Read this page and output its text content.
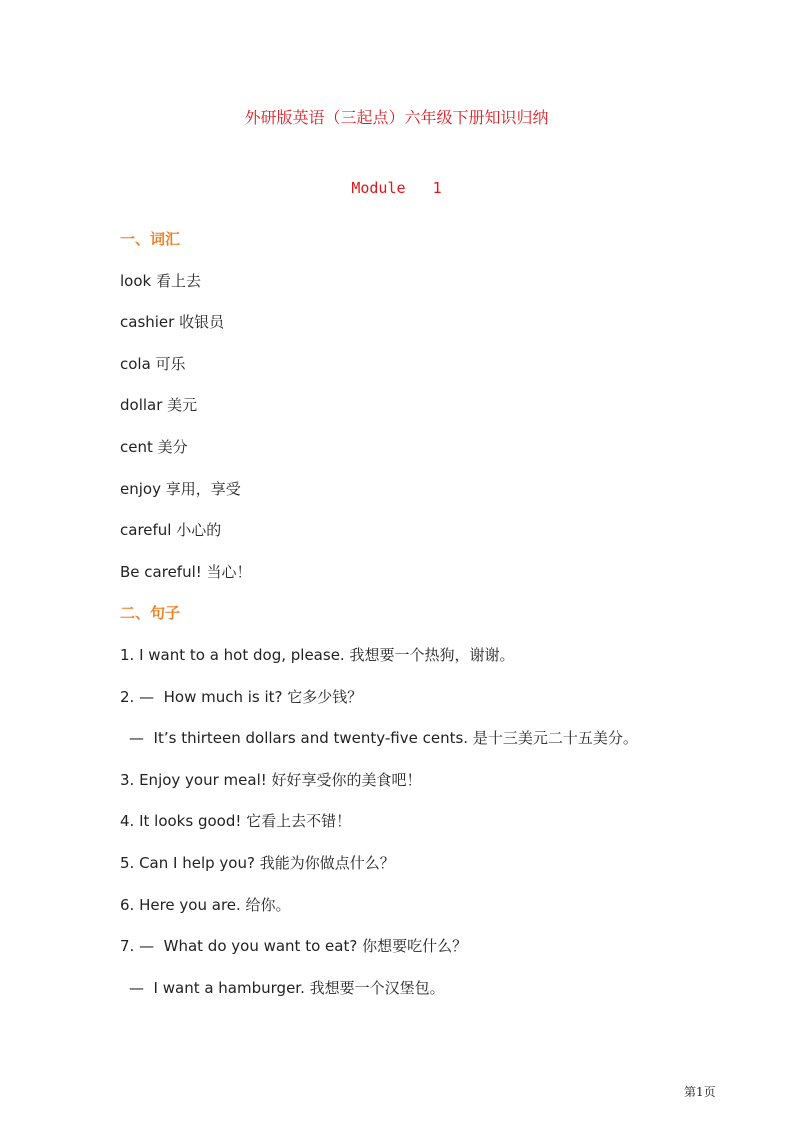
外研版英语（三起点）六年级下册知识归纳
Module   1
一、词汇
look 看上去
cashier 收银员
cola 可乐
dollar 美元
cent 美分
enjoy 享用，享受
careful 小心的
Be careful! 当心！
二、句子
1. I want to a hot dog, please. 我想要一个热狗，谢谢。
2. —  How much is it? 它多少钱？
—  It’s thirteen dollars and twenty-five cents. 是十三美元二十五美分。
3. Enjoy your meal! 好好享受你的美食吧！
4. It looks good! 它看上去不错！
5. Can I help you? 我能为你做点什么？
6. Here you are. 给你。
7. —  What do you want to eat? 你想要吃什么？
—  I want a hamburger. 我想要一个汉堡包。
第1页
